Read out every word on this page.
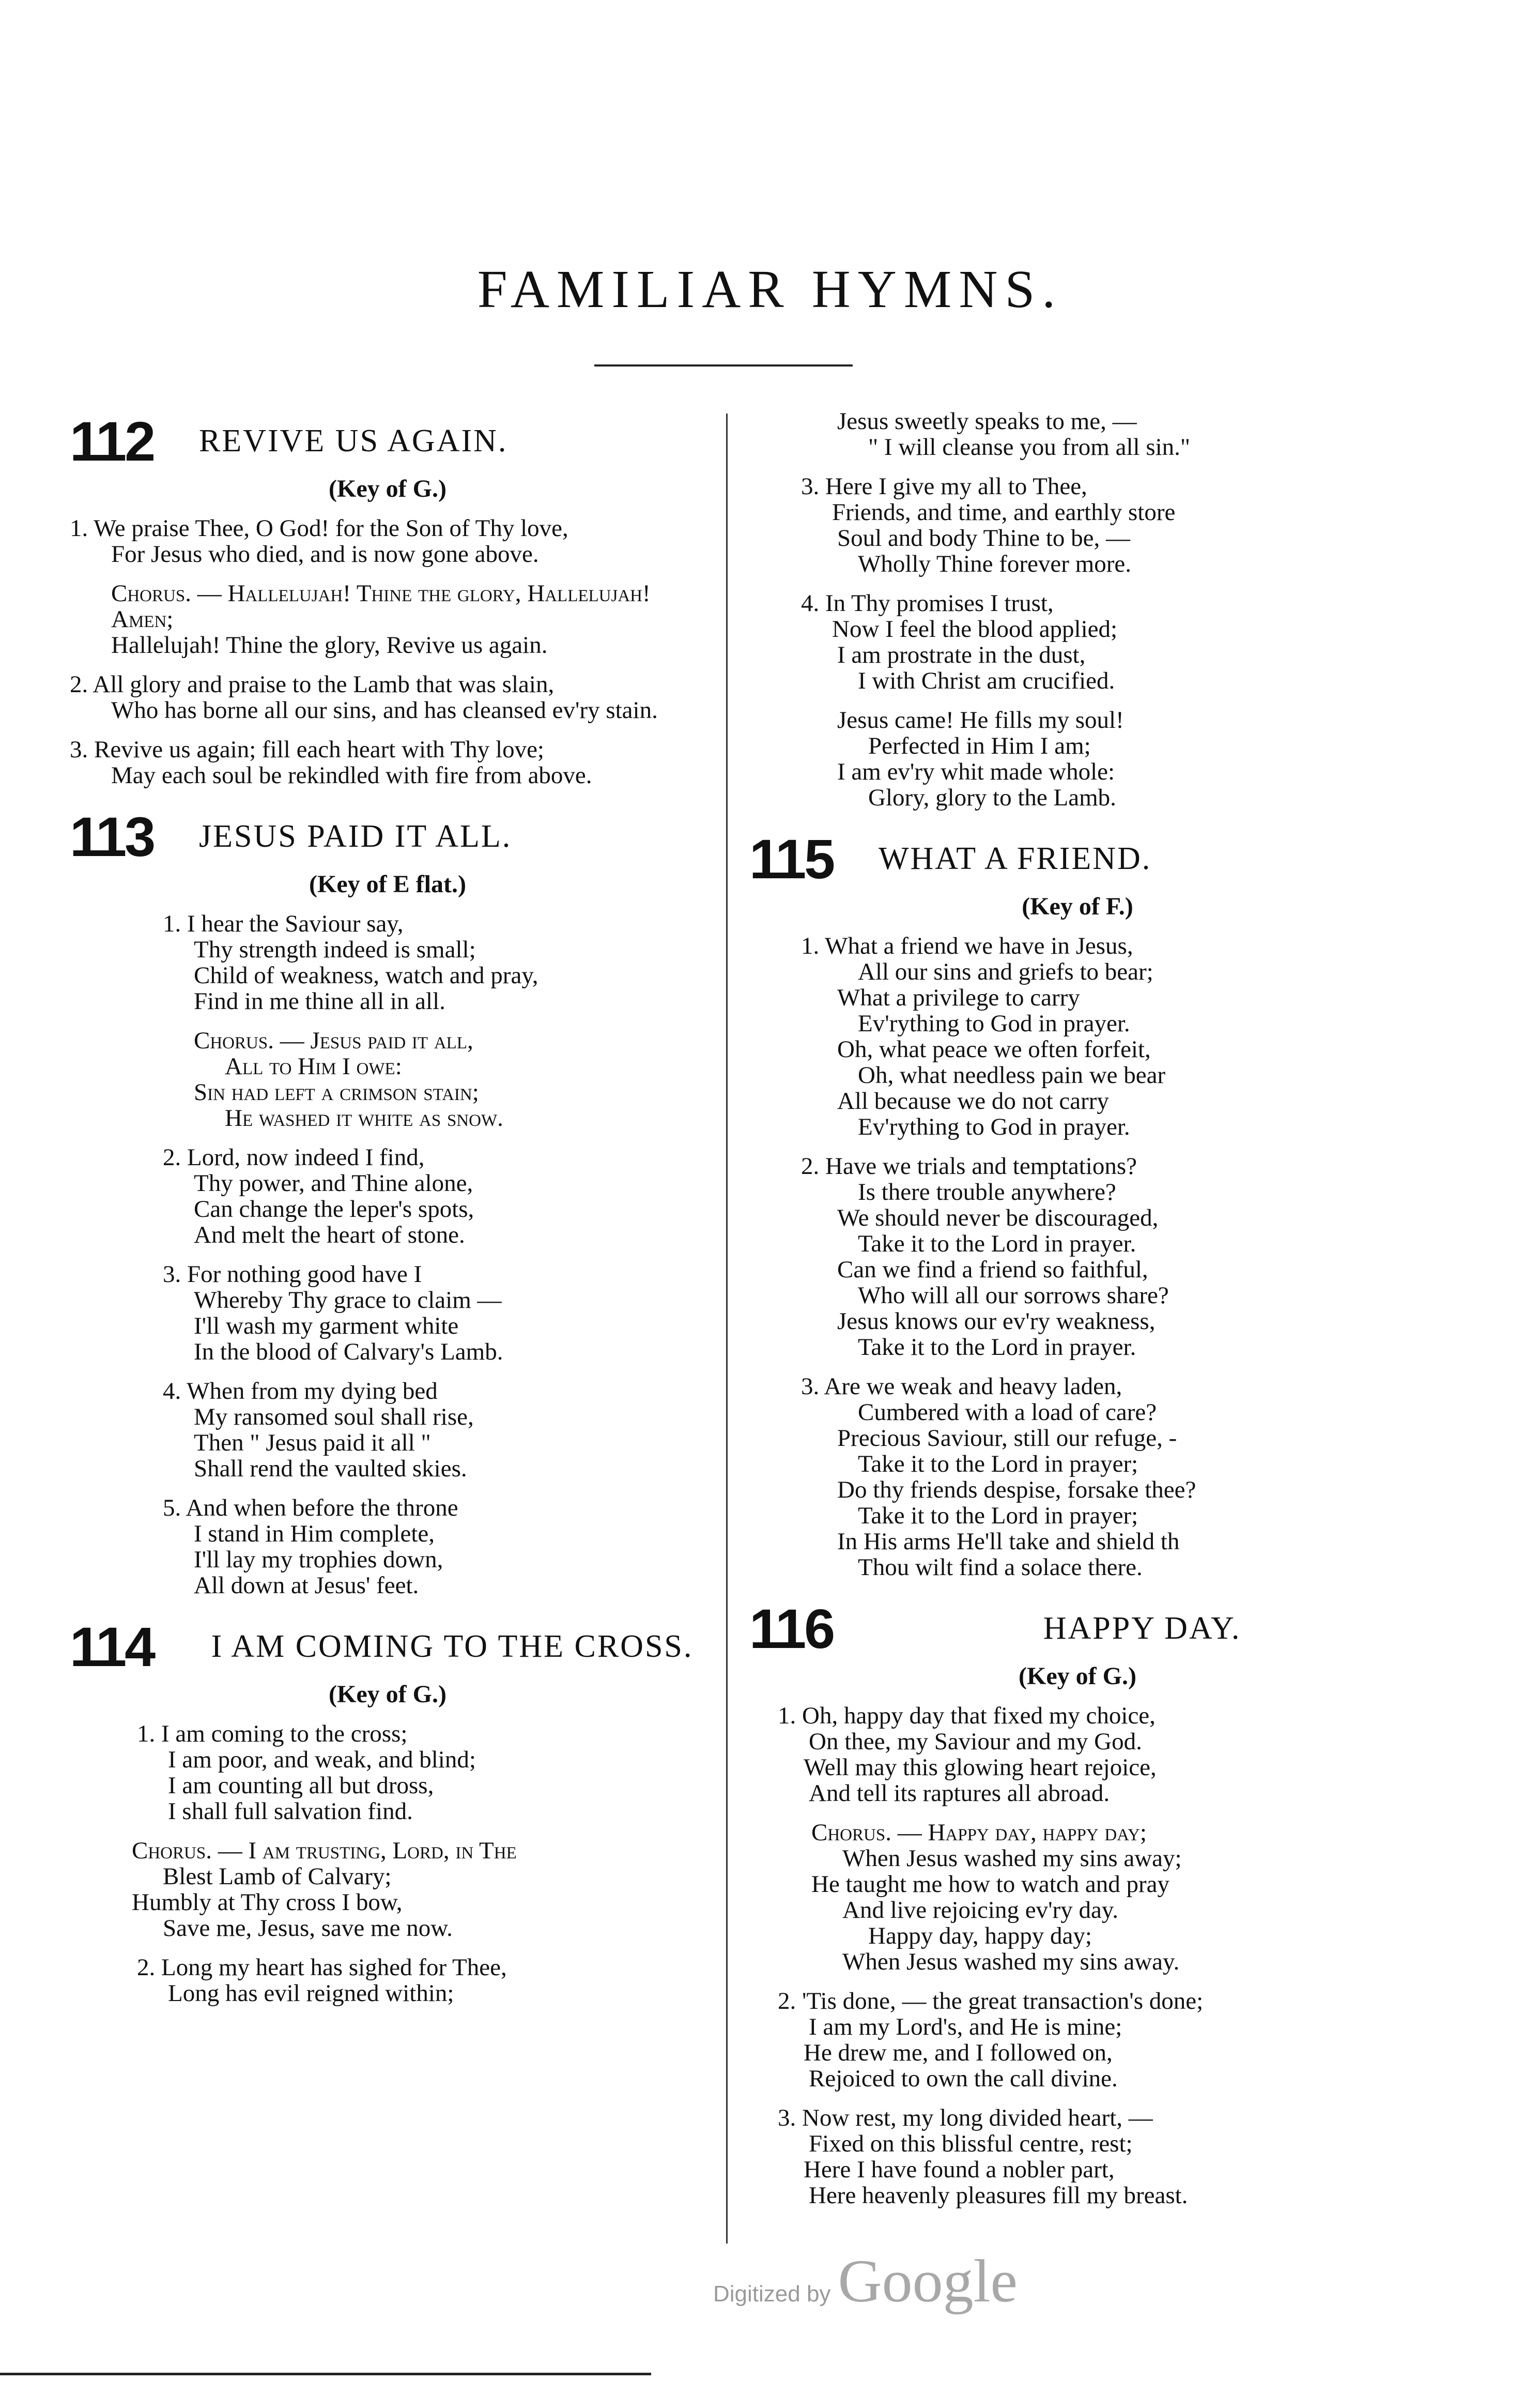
FAMILIAR HYMNS.
112	REVIVE US AGAIN.
(Key of G.)
1. We praise Thee, O God! for the Son of Thy love,
For Jesus who died, and is now gone above.
Chorus. — Hallelujah! Thine the glory, Hallelujah! Amen;
Hallelujah! Thine the glory, Revive us again.
2. All glory and praise to the Lamb that was slain,
Who has borne all our sins, and has cleansed ev'ry stain.
3. Revive us again; fill each heart with Thy love;
May each soul be rekindled with fire from above.
113	JESUS PAID IT ALL.
(Key of E flat.)
1. I hear the Saviour say,
Thy strength indeed is small;
Child of weakness, watch and pray,
Find in me thine all in all.
Chorus. — Jesus paid it all,
All to Him I owe:
Sin had left a crimson stain;
He washed it white as snow.
2. Lord, now indeed I find,
Thy power, and Thine alone,
Can change the leper's spots,
And melt the heart of stone.
3. For nothing good have I
Whereby Thy grace to claim —
I'll wash my garment white
In the blood of Calvary's Lamb.
4. When from my dying bed
My ransomed soul shall rise,
Then " Jesus paid it all "
Shall rend the vaulted skies.
5. And when before the throne
I stand in Him complete,
I'll lay my trophies down,
All down at Jesus' feet.
114	I AM COMING TO THE CROSS.
(Key of G.)
1. I am coming to the cross;
I am poor, and weak, and blind;
I am counting all but dross,
I shall full salvation find.
Chorus. — I am trusting, Lord, in The
Blest Lamb of Calvary;
Humbly at Thy cross I bow,
Save me, Jesus, save me now.
2. Long my heart has sighed for Thee,
Long has evil reigned within;
Jesus sweetly speaks to me, —
" I will cleanse you from all sin."
3. Here I give my all to Thee,
Friends, and time, and earthly store
Soul and body Thine to be, —
Wholly Thine forever more.
4. In Thy promises I trust,
Now I feel the blood applied;
I am prostrate in the dust,
I with Christ am crucified.
Jesus came! He fills my soul!
Perfected in Him I am;
I am ev'ry whit made whole:
Glory, glory to the Lamb.
115	WHAT A FRIEND.
(Key of F.)
1. What a friend we have in Jesus,
All our sins and griefs to bear;
What a privilege to carry
Ev'rything to God in prayer.
Oh, what peace we often forfeit,
Oh, what needless pain we bear
All because we do not carry
Ev'rything to God in prayer.
2. Have we trials and temptations?
Is there trouble anywhere?
We should never be discouraged,
Take it to the Lord in prayer.
Can we find a friend so faithful,
Who will all our sorrows share?
Jesus knows our ev'ry weakness,
Take it to the Lord in prayer.
3. Are we weak and heavy laden,
Cumbered with a load of care?
Precious Saviour, still our refuge, -
Take it to the Lord in prayer;
Do thy friends despise, forsake thee?
Take it to the Lord in prayer;
In His arms He'll take and shield th
Thou wilt find a solace there.
116	HAPPY DAY.
(Key of G.)
1. Oh, happy day that fixed my choice,
On thee, my Saviour and my God.
Well may this glowing heart rejoice,
And tell its raptures all abroad.
Chorus. — Happy day, happy day;
When Jesus washed my sins away;
He taught me how to watch and pray
And live rejoicing ev'ry day.
Happy day, happy day;
When Jesus washed my sins away.
2. 'Tis done, — the great transaction's done;
I am my Lord's, and He is mine;
He drew me, and I followed on,
Rejoiced to own the call divine.
3. Now rest, my long divided heart, —
Fixed on this blissful centre, rest;
Here I have found a nobler part,
Here heavenly pleasures fill my breast.
Digitized by Google
